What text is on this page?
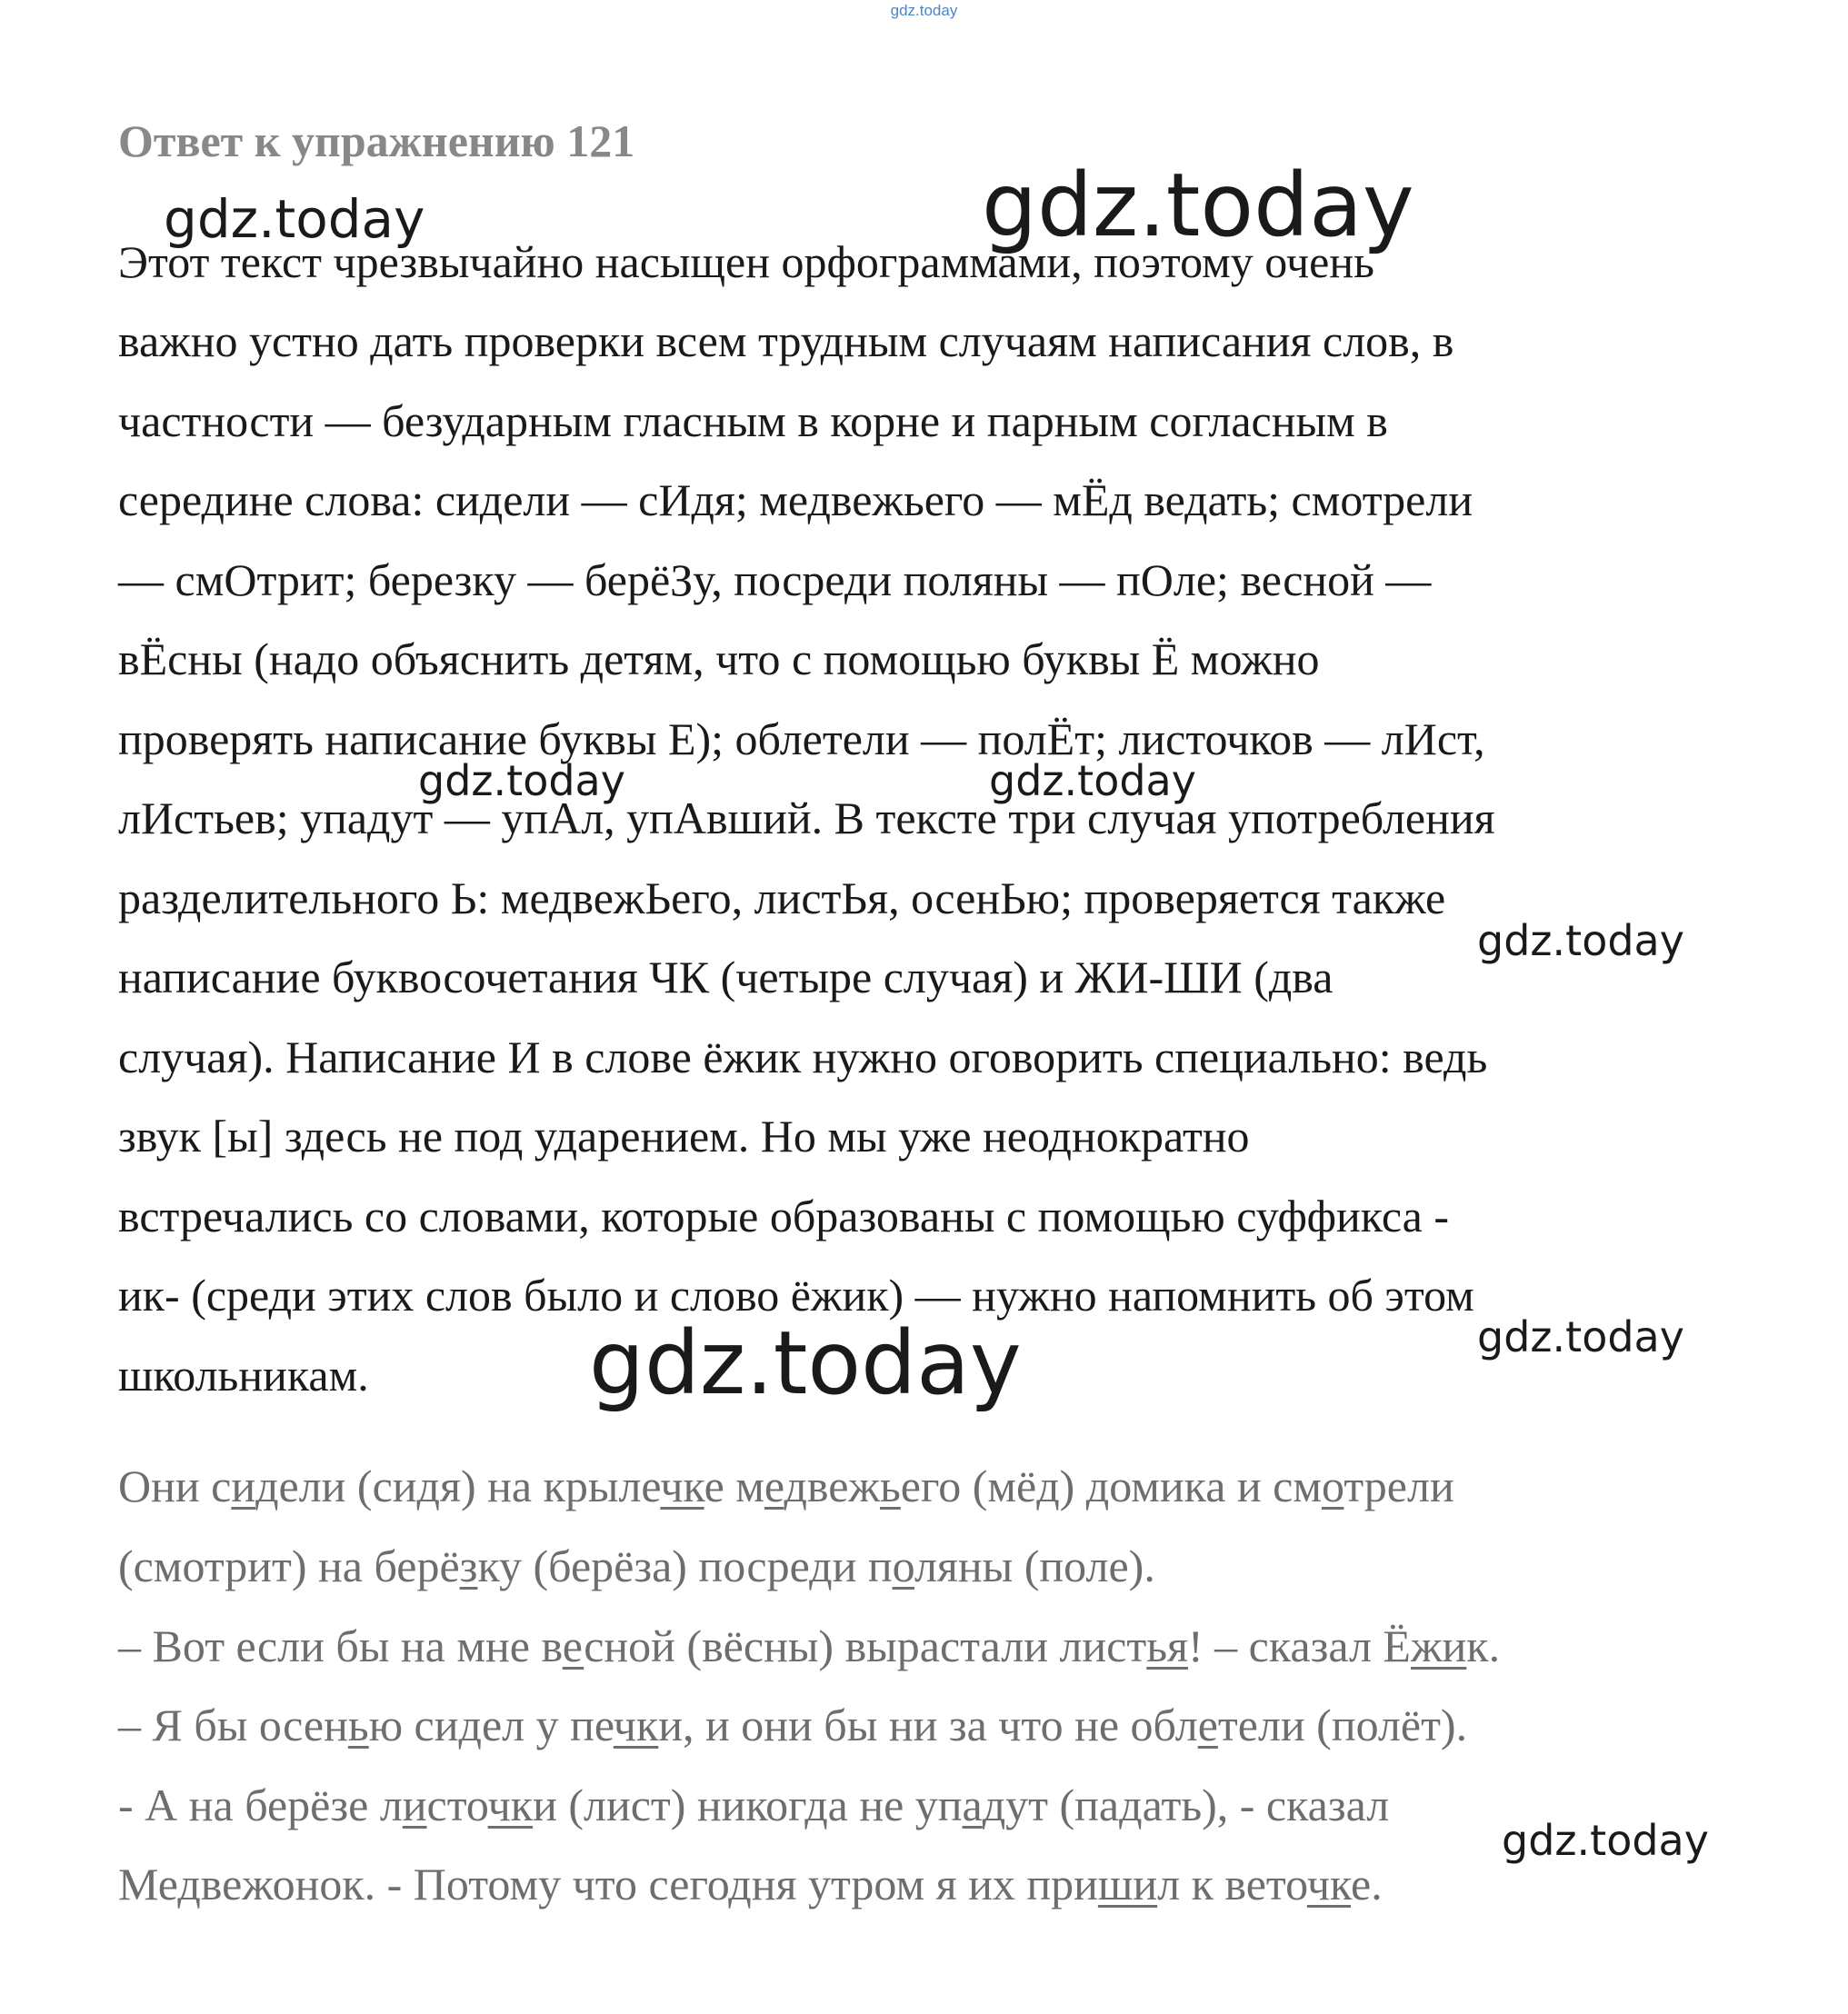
gdz.today
Ответ к упражнению 121
Этот текст чрезвычайно насыщен орфограммами, поэтому очень
важно устно дать проверки всем трудным случаям написания слов, в
частности — безударным гласным в корне и парным согласным в
середине слова: сидели — сИдя; медвежьего — мЁд ведать; смотрели
— смОтрит; березку — берёЗу, посреди поляны — пОле; весной —
вЁсны (надо объяснить детям, что с помощью буквы Ё можно
проверять написание буквы Е); облетели — полЁт; листочков — лИст,
лИстьев; упадут — упАл, упАвший. В тексте три случая употребления
разделительного Ь: медвежЬего, листЬя, осенЬю; проверяется также
написание буквосочетания ЧК (четыре случая) и ЖИ-ШИ (два
случая). Написание И в слове ёжик нужно оговорить специально: ведь
звук [ы] здесь не под ударением. Но мы уже неоднократно
встречались со словами, которые образованы с помощью суффикса -
ик- (среди этих слов было и слово ёжик) — нужно напомнить об этом
школьникам.
Они сидели (сидя) на крылечке медвежьего (мёд) домика и смотрели
(смотрит) на берёзку (берёза) посреди поляны (поле).
– Вот если бы на мне весной (вёсны) вырастали листья! – сказал Ёжик.
– Я бы осенью сидел у печки, и они бы ни за что не облетели (полёт).
- А на берёзе листочки (лист) никогда не упадут (падать), - сказал
Медвежонок. - Потому что сегодня утром я их пришил к веточке.
gdz.today	gdz.today
gdz.today	gdz.today
gdz.today
gdz.today
gdz.today
gdz.today
